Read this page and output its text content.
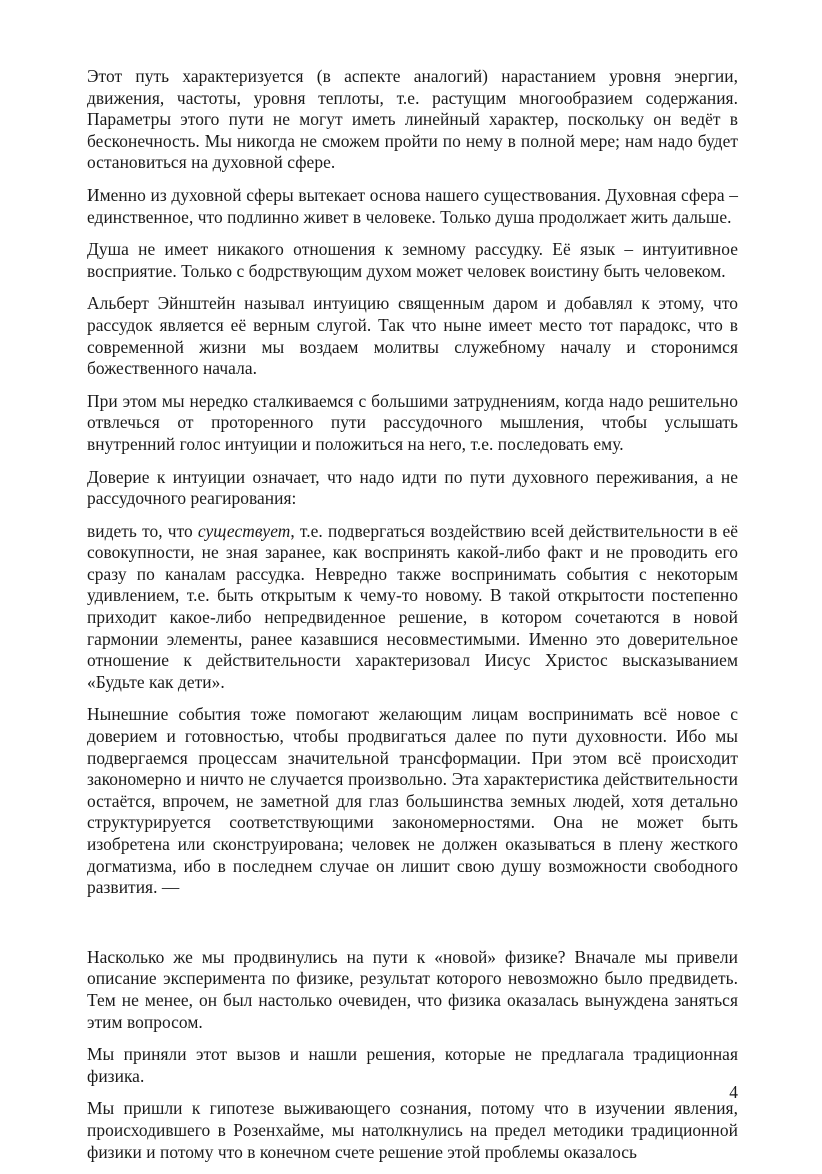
Этот путь характеризуется (в аспекте аналогий) нарастанием уровня энергии, движения, частоты, уровня теплоты, т.е. растущим многообразием содержания. Параметры этого пути не могут иметь линейный характер, поскольку он ведёт в бесконечность. Мы никогда не сможем пройти по нему в полной мере; нам надо будет остановиться на духовной сфере.

Именно из духовной сферы вытекает основа нашего существования. Духовная сфера – единственное, что подлинно живет в человеке. Только душа продолжает жить дальше.

Душа не имеет никакого отношения к земному рассудку. Её язык – интуитивное восприятие. Только с бодрствующим духом может человек воистину быть человеком.

Альберт Эйнштейн называл интуицию священным даром и добавлял к этому, что рассудок является её верным слугой. Так что ныне имеет место тот парадокс, что в современной жизни мы воздаем молитвы служебному началу и сторонимся божественного начала.

При этом мы нередко сталкиваемся с большими затруднениям, когда надо решительно отвлечься от проторенного пути рассудочного мышления, чтобы услышать внутренний голос интуиции и положиться на него, т.е. последовать ему.

Доверие к интуиции означает, что надо идти по пути духовного переживания, а не рассудочного реагирования:

видеть то, что существует, т.е. подвергаться воздействию всей действительности в её совокупности, не зная заранее, как воспринять какой-либо факт и не проводить его сразу по каналам рассудка. Невредно также воспринимать события с некоторым удивлением, т.е. быть открытым к чему-то новому. В такой открытости постепенно приходит какое-либо непредвиденное решение, в котором сочетаются в новой гармонии элементы, ранее казавшися несовместимыми. Именно это доверительное отношение к действительности характеризовал Иисус Христос высказыванием «Будьте как дети».

Нынешние события тоже помогают желающим лицам воспринимать всё новое с доверием и готовностью, чтобы продвигаться далее по пути духовности. Ибо мы подвергаемся процессам значительной трансформации. При этом всё происходит закономерно и ничто не случается произвольно. Эта характеристика действительности остаётся, впрочем, не заметной для глаз большинства земных людей, хотя детально структурируется соответствующими закономерностями. Она не может быть изобретена или сконструирована; человек не должен оказываться в плену жесткого догматизма, ибо в последнем случае он лишит свою душу возможности свободного развития. —

Насколько же мы продвинулись на пути к «новой» физике? Вначале мы привели описание эксперимента по физике, результат которого невозможно было предвидеть. Тем не менее, он был настолько очевиден, что физика оказалась вынуждена заняться этим вопросом.

Мы приняли этот вызов и нашли решения, которые не предлагала традиционная физика.

Мы пришли к гипотезе выживающего сознания, потому что в изучении явления, происходившего в Розенхайме, мы натолкнулись на предел методики традиционной физики и потому что в конечном счете решение этой проблемы оказалось

4
